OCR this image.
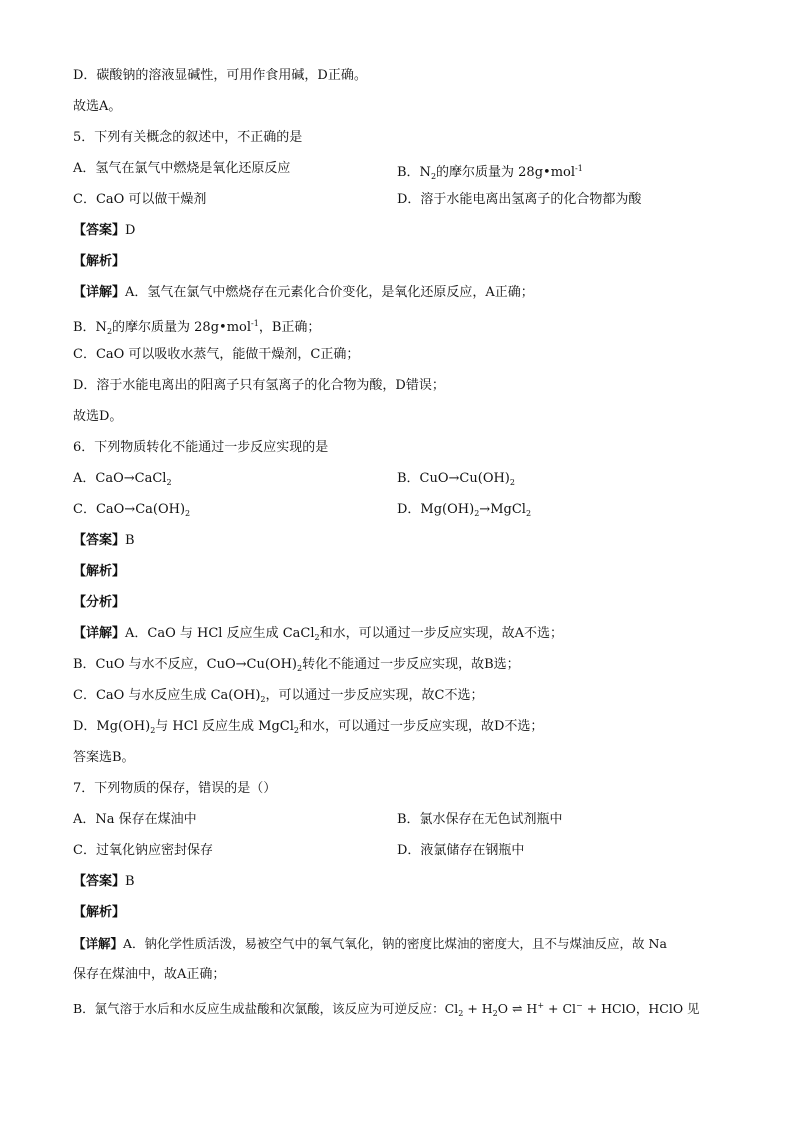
D．碳酸钠的溶液显碱性，可用作食用碱，D正确。
故选A。
5．下列有关概念的叙述中，不正确的是
A．氢气在氯气中燃烧是氧化还原反应	B．$N_2$的摩尔质量为 28g•mol$^{-1}$
C．CaO 可以做干燥剂	D．溶于水能电离出氢离子的化合物都为酸
【答案】D
【解析】
【详解】A．氢气在氯气中燃烧存在元素化合价变化，是氧化还原反应，A正确；
B．$N_2$的摩尔质量为 28g•mol$^{-1}$，B正确；
C．CaO 可以吸收水蒸气，能做干燥剂，C正确；
D．溶于水能电离出的阳离子只有氢离子的化合物为酸，D错误；
故选D。
6．下列物质转化不能通过一步反应实现的是
A．CaO→CaCl$_2$	B．$CuO\to Cu(OH)_2$
C．$CaO\to Ca(OH)_2$	D．$Mg(OH)_2\to MgCl_2$
【答案】B
【解析】
【分析】
【详解】A．CaO 与 HCl 反应生成 CaCl$_2$和水，可以通过一步反应实现，故A不选；
B．CuO 与水不反应，$CuO\to Cu(OH)_2$转化不能通过一步反应实现，故B选；
C．CaO 与水反应生成 $Ca(OH)_2$，可以通过一步反应实现，故C不选；
D．$Mg(OH)_2$与 HCl 反应生成 MgCl$_2$和水，可以通过一步反应实现，故D不选；
答案选B。
7．下列物质的保存，错误的是（）
A．Na 保存在煤油中	B．氯水保存在无色试剂瓶中
C．过氧化钠应密封保存	D．液氯储存在钢瓶中
【答案】B
【解析】
【详解】A．钠化学性质活泼，易被空气中的氧气氧化，钠的密度比煤油的密度大，且不与煤油反应，故 Na
保存在煤油中，故A正确；
B．氯气溶于水后和水反应生成盐酸和次氯酸，该反应为可逆反应：$Cl_2 + H_2O$ ⇌ H+ + Cl− + HClO，HClO 见
